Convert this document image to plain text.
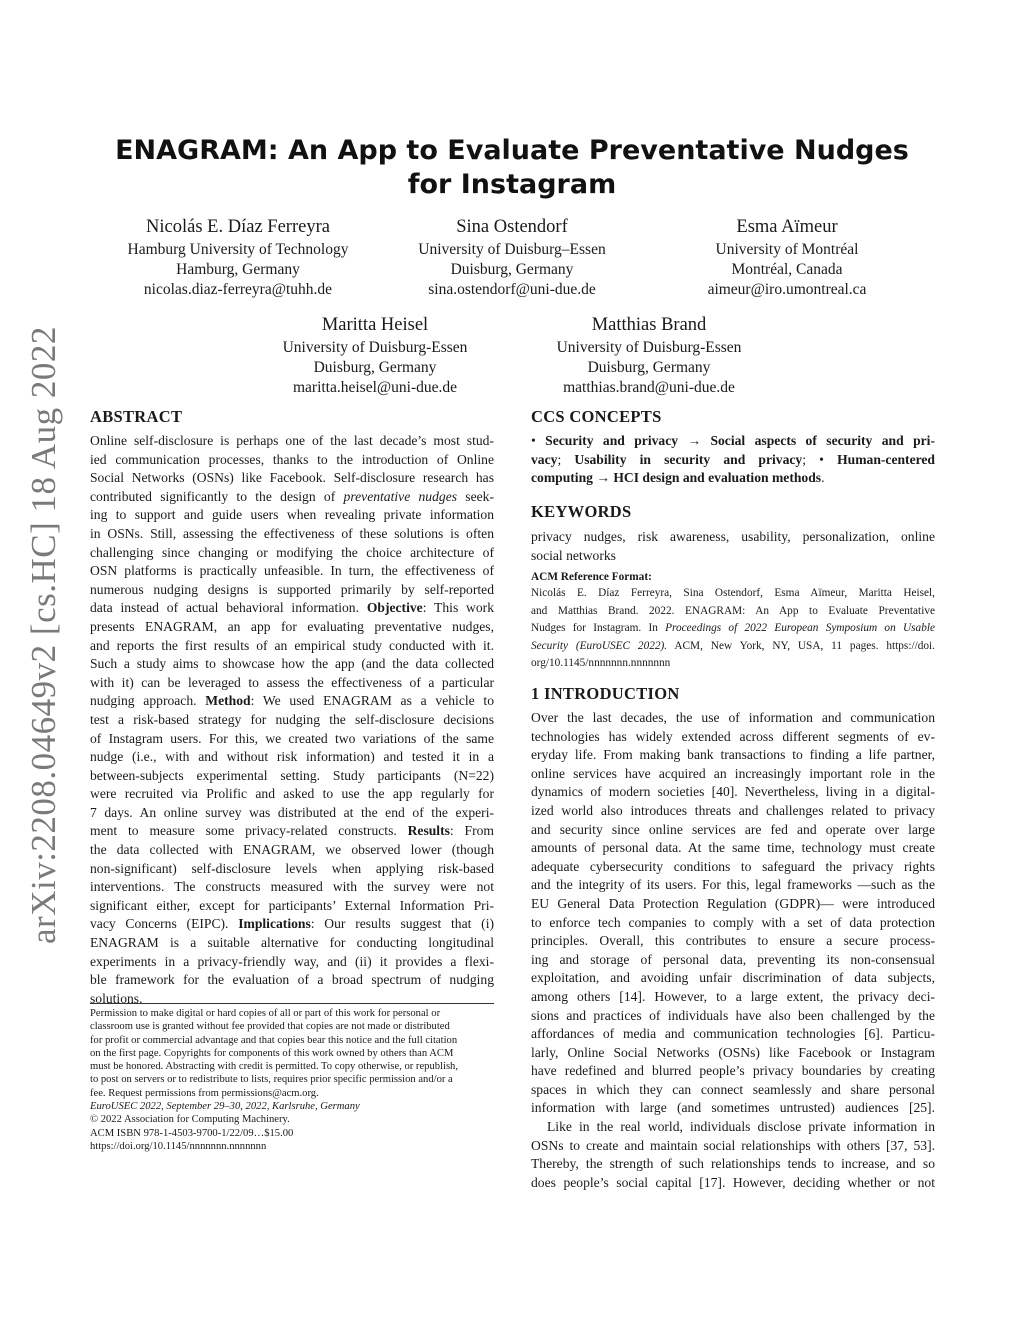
arXiv:2208.04649v2 [cs.HC] 18 Aug 2022
ENAGRAM: An App to Evaluate Preventative Nudges
for Instagram
Nicolás E. Díaz Ferreyra
Hamburg University of Technology
Hamburg, Germany
nicolas.diaz-ferreyra@tuhh.de
Sina Ostendorf
University of Duisburg–Essen
Duisburg, Germany
sina.ostendorf@uni-due.de
Esma Aïmeur
University of Montréal
Montréal, Canada
aimeur@iro.umontreal.ca
Maritta Heisel
University of Duisburg-Essen
Duisburg, Germany
maritta.heisel@uni-due.de
Matthias Brand
University of Duisburg-Essen
Duisburg, Germany
matthias.brand@uni-due.de
ABSTRACT
Online self-disclosure is perhaps one of the last decade’s most stud-
ied communication processes, thanks to the introduction of Online
Social Networks (OSNs) like Facebook. Self-disclosure research has
contributed significantly to the design of preventative nudges seek-
ing to support and guide users when revealing private information
in OSNs. Still, assessing the effectiveness of these solutions is often
challenging since changing or modifying the choice architecture of
OSN platforms is practically unfeasible. In turn, the effectiveness of
numerous nudging designs is supported primarily by self-reported
data instead of actual behavioral information. Objective: This work
presents ENAGRAM, an app for evaluating preventative nudges,
and reports the first results of an empirical study conducted with it.
Such a study aims to showcase how the app (and the data collected
with it) can be leveraged to assess the effectiveness of a particular
nudging approach. Method: We used ENAGRAM as a vehicle to
test a risk-based strategy for nudging the self-disclosure decisions
of Instagram users. For this, we created two variations of the same
nudge (i.e., with and without risk information) and tested it in a
between-subjects experimental setting. Study participants (N=22)
were recruited via Prolific and asked to use the app regularly for
7 days. An online survey was distributed at the end of the experi-
ment to measure some privacy-related constructs. Results: From
the data collected with ENAGRAM, we observed lower (though
non-significant) self-disclosure levels when applying risk-based
interventions. The constructs measured with the survey were not
significant either, except for participants’ External Information Pri-
vacy Concerns (EIPC). Implications: Our results suggest that (i)
ENAGRAM is a suitable alternative for conducting longitudinal
experiments in a privacy-friendly way, and (ii) it provides a flexi-
ble framework for the evaluation of a broad spectrum of nudging
solutions.
Permission to make digital or hard copies of all or part of this work for personal or
classroom use is granted without fee provided that copies are not made or distributed
for profit or commercial advantage and that copies bear this notice and the full citation
on the first page. Copyrights for components of this work owned by others than ACM
must be honored. Abstracting with credit is permitted. To copy otherwise, or republish,
to post on servers or to redistribute to lists, requires prior specific permission and/or a
fee. Request permissions from permissions@acm.org.
EuroUSEC 2022, September 29–30, 2022, Karlsruhe, Germany
© 2022 Association for Computing Machinery.
ACM ISBN 978-1-4503-9700-1/22/09…$15.00
https://doi.org/10.1145/nnnnnnn.nnnnnnn
CCS CONCEPTS
• Security and privacy → Social aspects of security and pri-
vacy; Usability in security and privacy; • Human-centered
computing → HCI design and evaluation methods.
KEYWORDS
privacy nudges, risk awareness, usability, personalization, online
social networks
ACM Reference Format:
Nicolás E. Díaz Ferreyra, Sina Ostendorf, Esma Aïmeur, Maritta Heisel,
and Matthias Brand. 2022. ENAGRAM: An App to Evaluate Preventative
Nudges for Instagram. In Proceedings of 2022 European Symposium on Usable
Security (EuroUSEC 2022). ACM, New York, NY, USA, 11 pages. https://doi.
org/10.1145/nnnnnnn.nnnnnnn
1 INTRODUCTION
Over the last decades, the use of information and communication
technologies has widely extended across different segments of ev-
eryday life. From making bank transactions to finding a life partner,
online services have acquired an increasingly important role in the
dynamics of modern societies [40]. Nevertheless, living in a digital-
ized world also introduces threats and challenges related to privacy
and security since online services are fed and operate over large
amounts of personal data. At the same time, technology must create
adequate cybersecurity conditions to safeguard the privacy rights
and the integrity of its users. For this, legal frameworks —such as the
EU General Data Protection Regulation (GDPR)— were introduced
to enforce tech companies to comply with a set of data protection
principles. Overall, this contributes to ensure a secure process-
ing and storage of personal data, preventing its non-consensual
exploitation, and avoiding unfair discrimination of data subjects,
among others [14]. However, to a large extent, the privacy deci-
sions and practices of individuals have also been challenged by the
affordances of media and communication technologies [6]. Particu-
larly, Online Social Networks (OSNs) like Facebook or Instagram
have redefined and blurred people’s privacy boundaries by creating
spaces in which they can connect seamlessly and share personal
information with large (and sometimes untrusted) audiences [25].
Like in the real world, individuals disclose private information in
OSNs to create and maintain social relationships with others [37, 53].
Thereby, the strength of such relationships tends to increase, and so
does people’s social capital [17]. However, deciding whether or not
